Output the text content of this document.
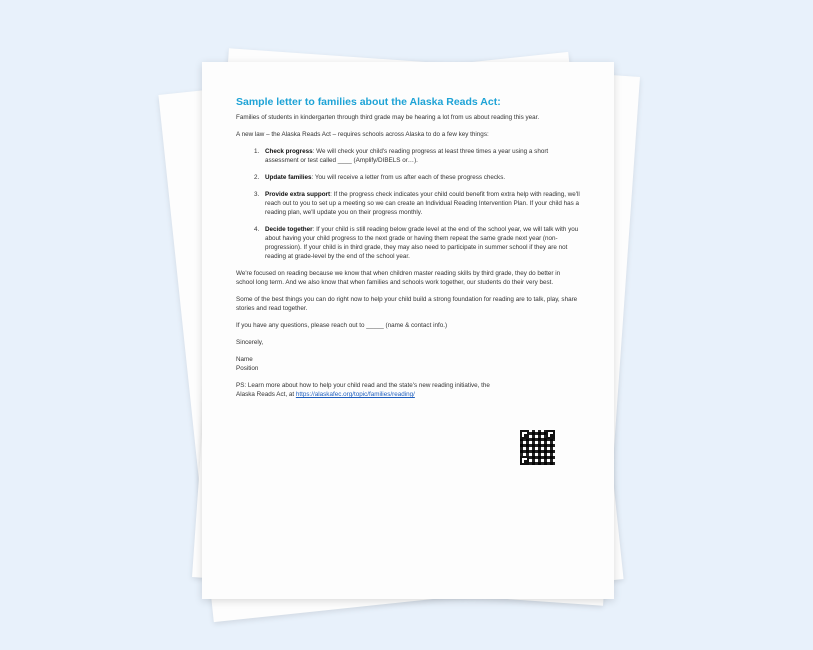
Sample letter to families about the Alaska Reads Act:
Families of students in kindergarten through third grade may be hearing a lot from us about reading this year.
A new law – the Alaska Reads Act – requires schools across Alaska to do a few key things:
1. Check progress: We will check your child's reading progress at least three times a year using a short assessment or test called ____ (Amplify/DIBELS or…).
2. Update families: You will receive a letter from us after each of these progress checks.
3. Provide extra support: If the progress check indicates your child could benefit from extra help with reading, we'll reach out to you to set up a meeting so we can create an Individual Reading Intervention Plan. If your child has a reading plan, we'll update you on their progress monthly.
4. Decide together: If your child is still reading below grade level at the end of the school year, we will talk with you about having your child progress to the next grade or having them repeat the same grade next year (non-progression). If your child is in third grade, they may also need to participate in summer school if they are not reading at grade-level by the end of the school year.
We're focused on reading because we know that when children master reading skills by third grade, they do better in school long term. And we also know that when families and schools work together, our students do their very best.
Some of the best things you can do right now to help your child build a strong foundation for reading are to talk, play, share stories and read together.
If you have any questions, please reach out to _____ (name & contact info.)
Sincerely,
Name
Position
PS: Learn more about how to help your child read and the state's new reading initiative, the Alaska Reads Act, at https://alaskafec.org/topic/families/reading/
